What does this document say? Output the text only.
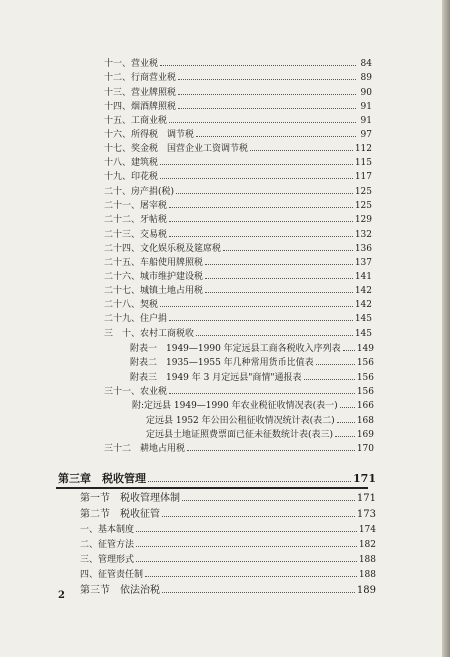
十一、营业税	84
十二、行商营业税	89
十三、营业牌照税	90
十四、烟酒牌照税	91
十五、工商业税	91
十六、所得税　调节税	97
十七、奖金税　国营企业工资调节税	112
十八、建筑税	115
十九、印花税	117
二十、房产捐(税)	125
二十一、屠宰税	125
二十二、牙帖税	129
二十三、交易税	132
二十四、文化娱乐税及筵席税	136
二十五、车船使用牌照税	137
二十六、城市维护建设税	141
二十七、城镇土地占用税	142
二十八、契税	142
二十九、住户捐	145
三　十、农村工商税收	145
附表一　1949—1990 年定远县工商各税收入序列表 149
附表二　1935—1955 年几种常用货币比值表	156
附表三　1949 年 3 月定远县"商情"通报表	156
三十一、农业税	156
附:定远县 1949—1990 年农业税征收情况表(表一) 166
定远县 1952 年公田公租征收情况统计表(表二) 168
定远县土地证照费票面已征未征数统计表(表三)	169
三十二　耕地占用税	170
第三章　税收管理	171
第一节　税收管理体制	171
第二节　税收征管	173
一、基本制度	174
二、征管方法	182
三、管理形式	188
四、征管责任制	188
第三节　依法治税	189
2
